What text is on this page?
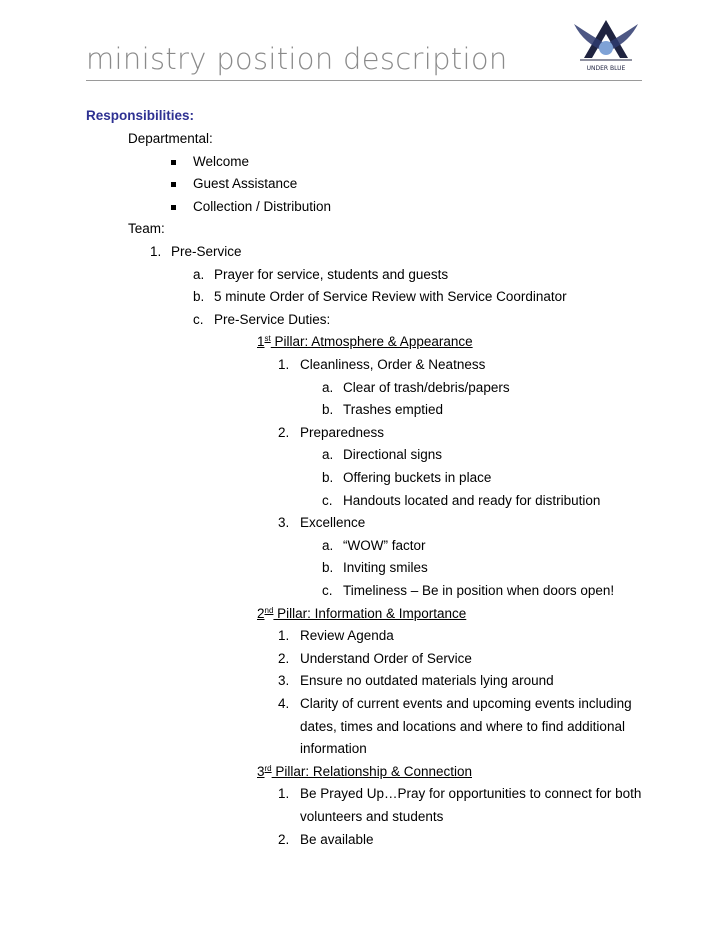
ministry position description	UNDER BLUE
Responsibilities:
Departmental:
Welcome
Guest Assistance
Collection / Distribution
Team:
1. Pre-Service
a. Prayer for service, students and guests
b. 5 minute Order of Service Review with Service Coordinator
c. Pre-Service Duties:
1st Pillar: Atmosphere & Appearance
1. Cleanliness, Order & Neatness
a. Clear of trash/debris/papers
b. Trashes emptied
2. Preparedness
a. Directional signs
b. Offering buckets in place
c. Handouts located and ready for distribution
3. Excellence
a. “WOW” factor
b. Inviting smiles
c. Timeliness – Be in position when doors open!
2nd Pillar: Information & Importance
1. Review Agenda
2. Understand Order of Service
3. Ensure no outdated materials lying around
4. Clarity of current events and upcoming events including
dates, times and locations and where to find additional
information
3rd Pillar: Relationship & Connection
1. Be Prayed Up…Pray for opportunities to connect for both
volunteers and students
2. Be available
